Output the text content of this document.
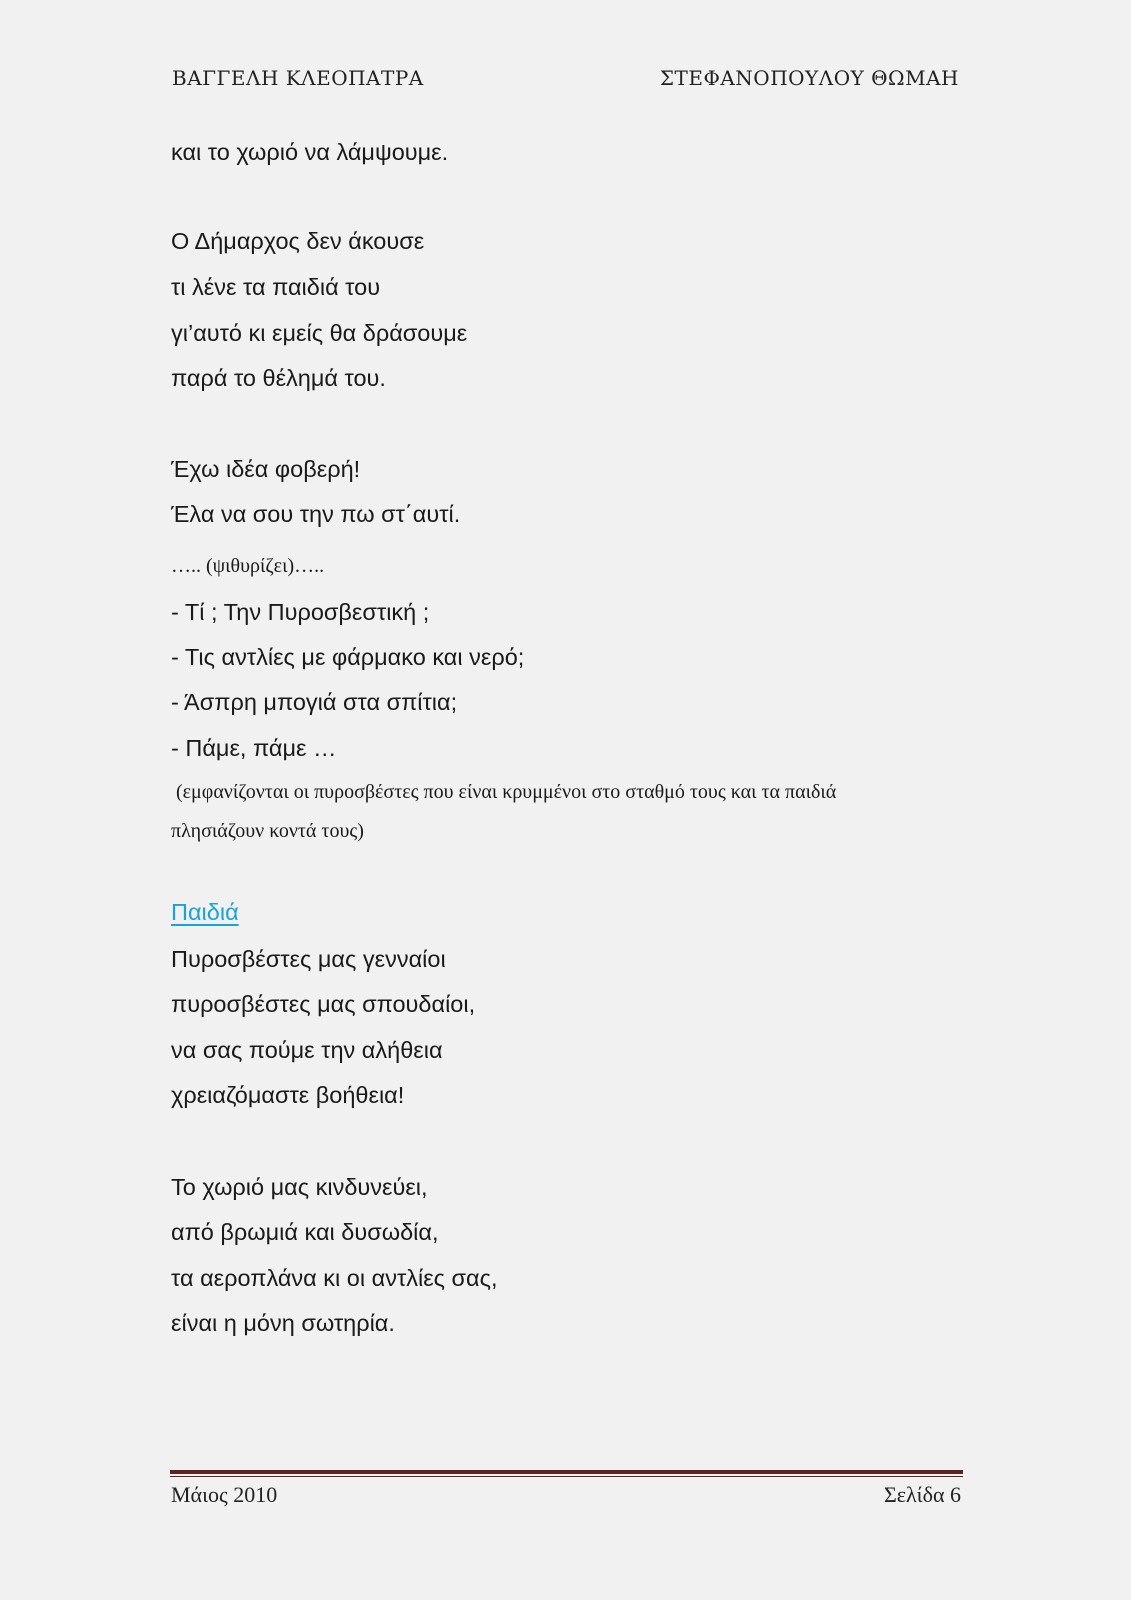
ΒΑΓΓΕΛΗ ΚΛΕΟΠΑΤΡΑ	ΣΤΕΦΑΝΟΠΟΥΛΟΥ ΘΩΜΑΗ
και το χωριό να λάμψουμε.
Ο Δήμαρχος δεν άκουσε
τι λένε τα παιδιά του
γι’αυτό κι εμείς θα δράσουμε
παρά το θέλημά του.
Έχω ιδέα φοβερή!
Έλα να σου την πω στ΄αυτί.
….. (ψιθυρίζει)…..
- Τί ; Την Πυροσβεστική ;
- Τις αντλίες με φάρμακο και νερό;
- Άσπρη μπογιά στα σπίτια;
- Πάμε, πάμε …
(εμφανίζονται οι πυροσβέστες που είναι κρυμμένοι στο σταθμό τους και τα παιδιά
πλησιάζουν κοντά τους)
Παιδιά
Πυροσβέστες μας γενναίοι
πυροσβέστες μας σπουδαίοι,
να σας πούμε την αλήθεια
χρειαζόμαστε βοήθεια!
Το χωριό μας κινδυνεύει,
από βρωμιά και δυσωδία,
τα αεροπλάνα κι οι αντλίες σας,
είναι η μόνη σωτηρία.
Μάιος 2010	Σελίδα 6
